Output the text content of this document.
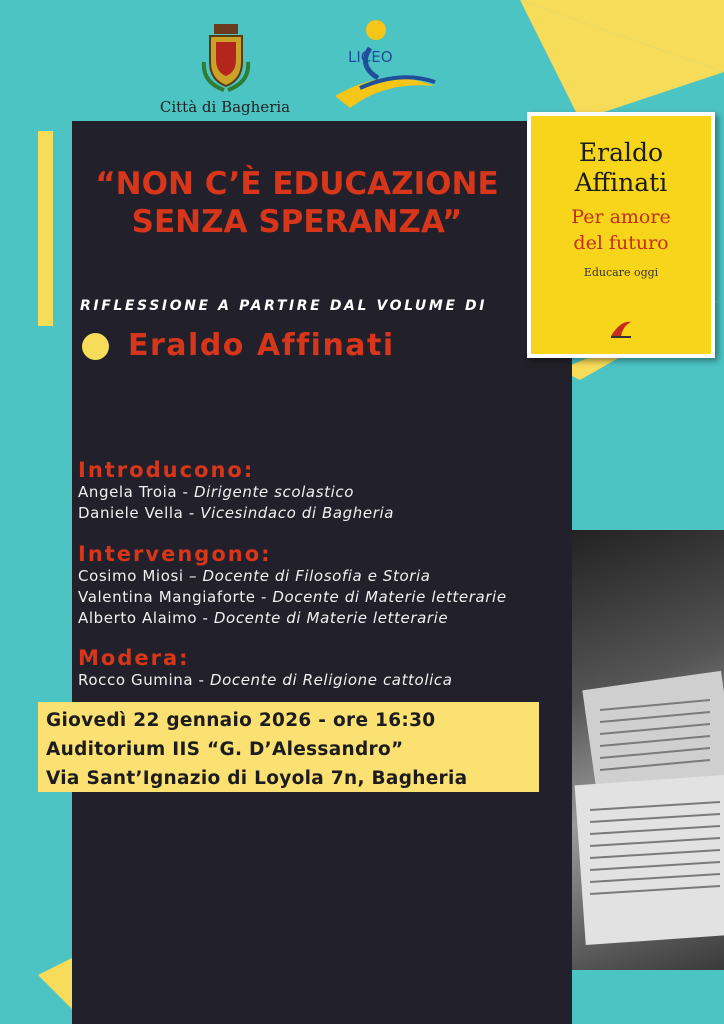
Città di Bagheria
LICEO
Eraldo
Affinati
Per amore
del futuro
Educare oggi
“NON C’È EDUCAZIONE
SENZA SPERANZA”
RIFLESSIONE A PARTIRE DAL VOLUME DI
Eraldo Affinati
Introducono:
Angela Troia - Dirigente scolastico
Daniele Vella - Vicesindaco di Bagheria
Intervengono:
Cosimo Miosi – Docente di Filosofia e Storia
Valentina Mangiaforte - Docente di Materie letterarie
Alberto Alaimo - Docente di Materie letterarie
Modera:
Rocco Gumina - Docente di Religione cattolica
Giovedì 22 gennaio 2026 - ore 16:30
Auditorium IIS “G. D’Alessandro”
Via Sant’Ignazio di Loyola 7n, Bagheria
